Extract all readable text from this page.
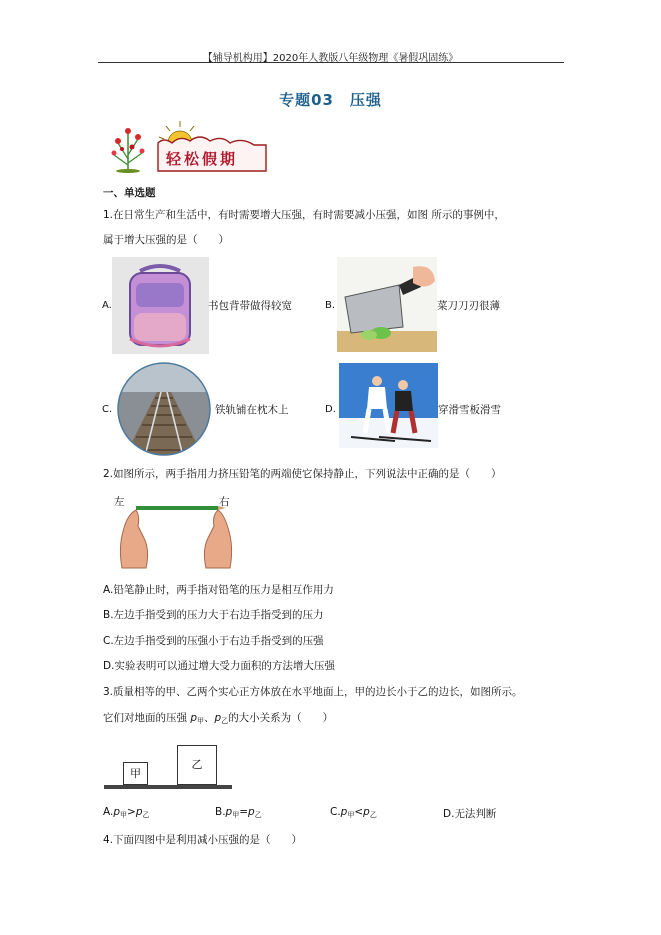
【辅导机构用】2020年人教版八年级物理《暑假巩固练》
专题03　压强
轻松假期
一、单选题
1.在日常生产和生活中，有时需要增大压强，有时需要减小压强，如图 所示的事例中，
属于增大压强的是（　　）
A.	书包背带做得较宽	B.	菜刀刀刃很薄
C.	铁轨铺在枕木上	D.	穿滑雪板滑雪
2.如图所示，两手指用力挤压铅笔的两端使它保持静止，下列说法中正确的是（　　）
左	右
A.铅笔静止时，两手指对铅笔的压力是相互作用力
B.左边手指受到的压力大于右边手指受到的压力
C.左边手指受到的压强小于右边手指受到的压强
D.实验表明可以通过增大受力面积的方法增大压强
3.质量相等的甲、乙两个实心正方体放在水平地面上，甲的边长小于乙的边长，如图所示。
它们对地面的压强 $p_甲$、$p_乙$的大小关系为（　　）
甲
乙
$A.p_甲>p_乙$	$B.p_甲=p_乙$	$C.p_甲<p_乙$	D.无法判断
4.下面四图中是利用减小压强的是（　　）
